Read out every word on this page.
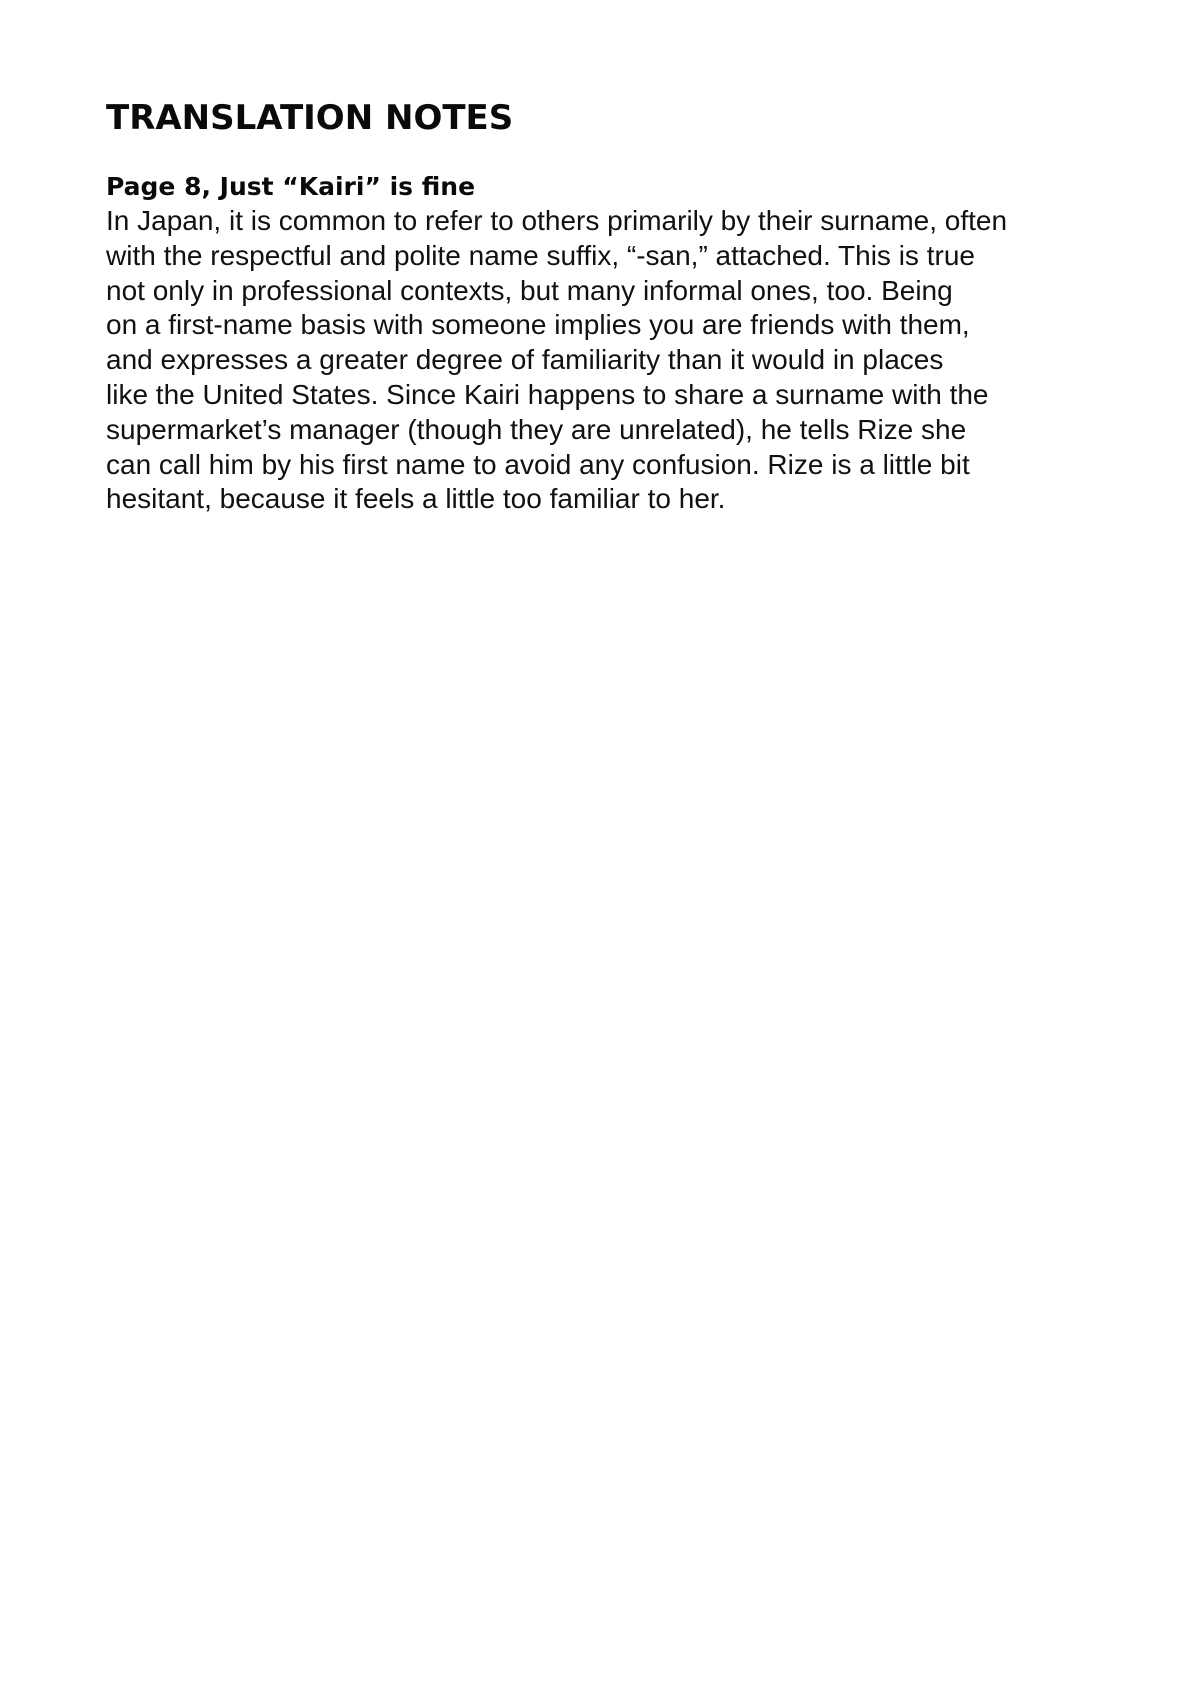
TRANSLATION NOTES
Page 8, Just “Kairi” is fine

In Japan, it is common to refer to others primarily by their surname, often
with the respectful and polite name suffix, “-san,” attached. This is true
not only in professional contexts, but many informal ones, too. Being
on a first-name basis with someone implies you are friends with them,
and expresses a greater degree of familiarity than it would in places
like the United States. Since Kairi happens to share a surname with the
supermarket’s manager (though they are unrelated), he tells Rize she
can call him by his first name to avoid any confusion. Rize is a little bit
hesitant, because it feels a little too familiar to her.
